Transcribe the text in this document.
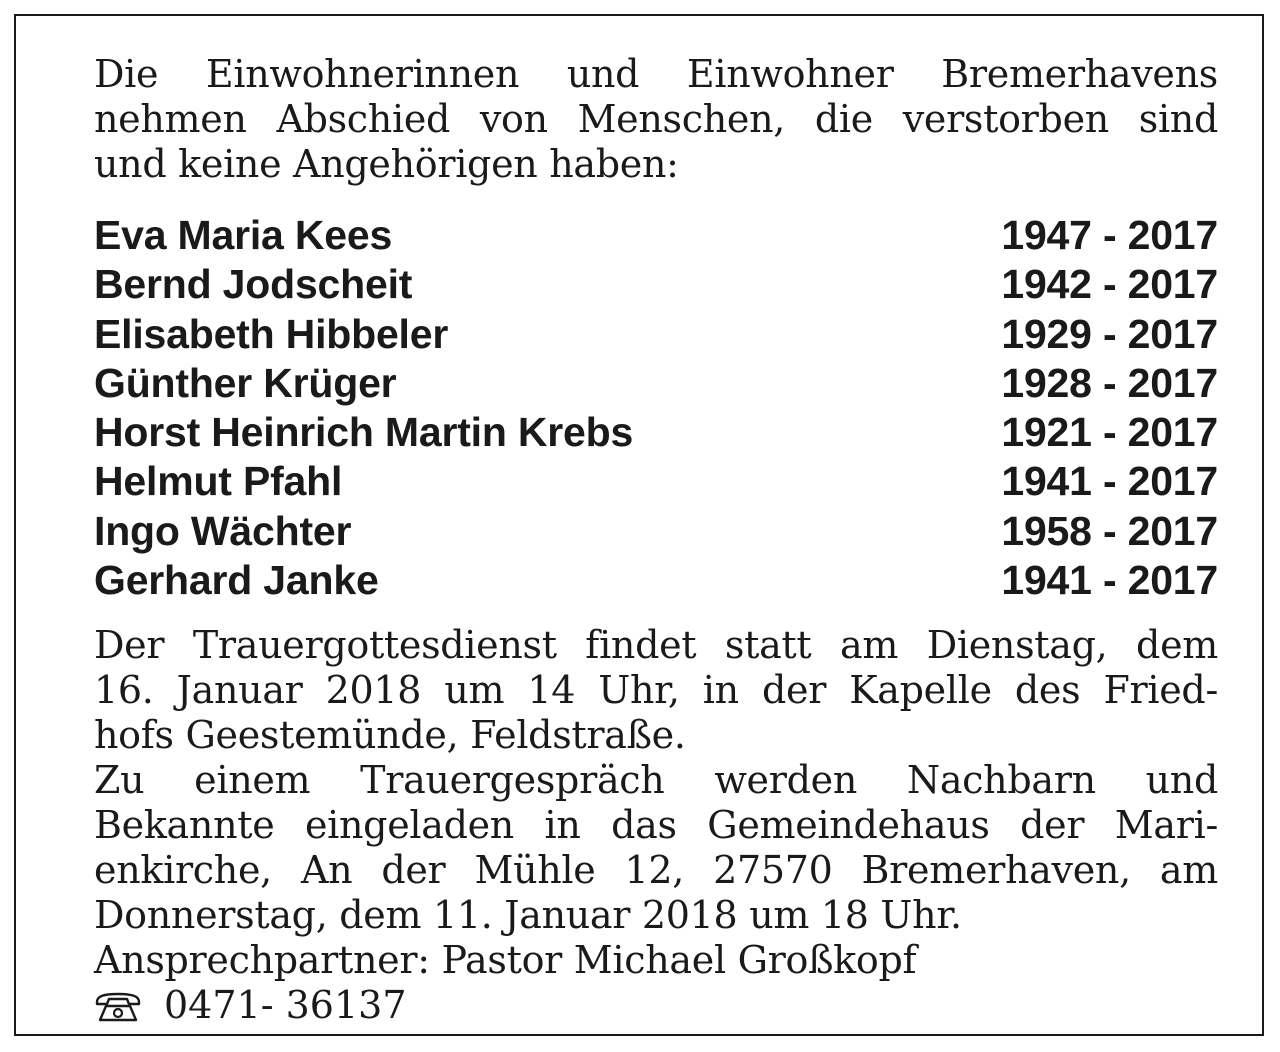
Die Einwohnerinnen und Einwohner Bremerhavens
nehmen Abschied von Menschen, die verstorben sind
und keine Angehörigen haben:
Eva Maria Kees	1947 - 2017
Bernd Jodscheit	1942 - 2017
Elisabeth Hibbeler	1929 - 2017
Günther Krüger	1928 - 2017
Horst Heinrich Martin Krebs	1921 - 2017
Helmut Pfahl	1941 - 2017
Ingo Wächter	1958 - 2017
Gerhard Janke	1941 - 2017
Der Trauergottesdienst findet statt am Dienstag, dem
16. Januar 2018 um 14 Uhr, in der Kapelle des Fried-
hofs Geestemünde, Feldstraße.
Zu einem Trauergespräch werden Nachbarn und
Bekannte eingeladen in das Gemeindehaus der Mari-
enkirche, An der Mühle 12, 27570 Bremerhaven, am
Donnerstag, dem 11. Januar 2018 um 18 Uhr.
Ansprechpartner: Pastor Michael Großkopf
0471- 36137
